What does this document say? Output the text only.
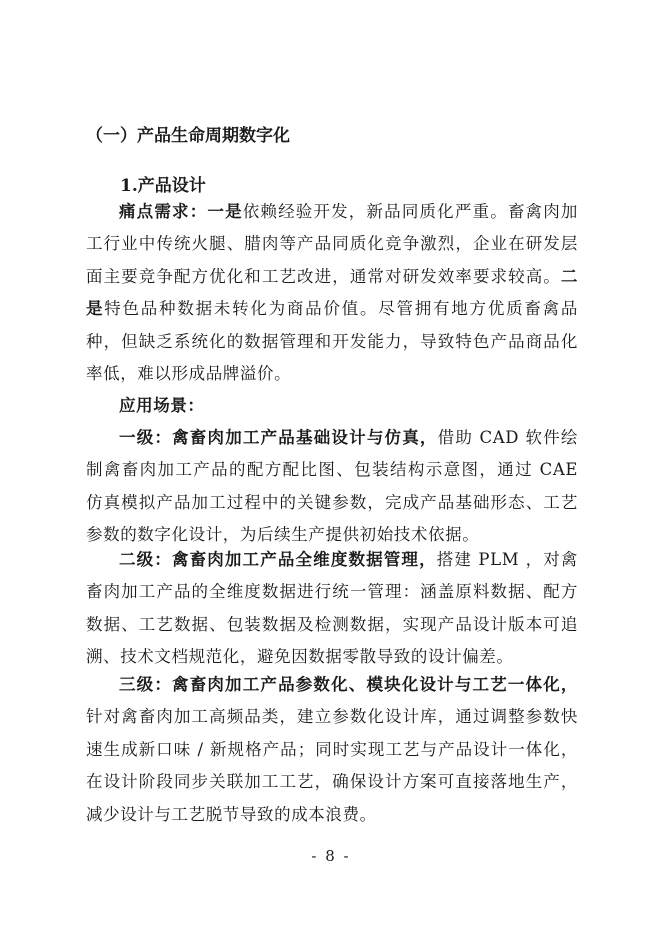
（一）产品生命周期数字化
1.产品设计

痛点需求：一是依赖经验开发，新品同质化严重。畜禽肉加工行业中传统火腿、腊肉等产品同质化竞争激烈，企业在研发层面主要竞争配方优化和工艺改进，通常对研发效率要求较高。二是特色品种数据未转化为商品价值。尽管拥有地方优质畜禽品种，但缺乏系统化的数据管理和开发能力，导致特色产品商品化率低，难以形成品牌溢价。

应用场景：

一级：禽畜肉加工产品基础设计与仿真，借助 CAD 软件绘制禽畜肉加工产品的配方配比图、包装结构示意图，通过 CAE 仿真模拟产品加工过程中的关键参数，完成产品基础形态、工艺参数的数字化设计，为后续生产提供初始技术依据。

二级：禽畜肉加工产品全维度数据管理，搭建 PLM ，对禽畜肉加工产品的全维度数据进行统一管理：涵盖原料数据、配方数据、工艺数据、包装数据及检测数据，实现产品设计版本可追溯、技术文档规范化，避免因数据零散导致的设计偏差。

三级：禽畜肉加工产品参数化、模块化设计与工艺一体化，针对禽畜肉加工高频品类，建立参数化设计库，通过调整参数快速生成新口味 / 新规格产品；同时实现工艺与产品设计一体化，在设计阶段同步关联加工工艺，确保设计方案可直接落地生产，减少设计与工艺脱节导致的成本浪费。

- 8 -
